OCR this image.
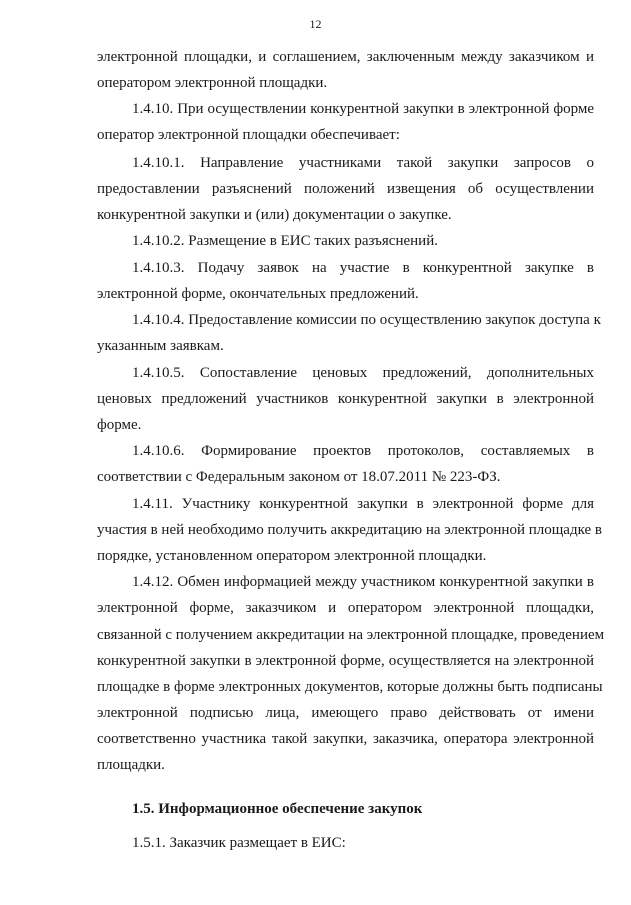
12
электронной площадки, и соглашением, заключенным между заказчиком и
оператором электронной площадки.
1.4.10. При осуществлении конкурентной закупки в электронной форме
оператор электронной площадки обеспечивает:
1.4.10.1. Направление участниками такой закупки запросов о
предоставлении разъяснений положений извещения об осуществлении
конкурентной закупки и (или) документации о закупке.
1.4.10.2. Размещение в ЕИС таких разъяснений.
1.4.10.3. Подачу заявок на участие в конкурентной закупке в
электронной форме, окончательных предложений.
1.4.10.4. Предоставление комиссии по осуществлению закупок доступа к
указанным заявкам.
1.4.10.5. Сопоставление ценовых предложений, дополнительных
ценовых предложений участников конкурентной закупки в электронной
форме.
1.4.10.6. Формирование проектов протоколов, составляемых в
соответствии с Федеральным законом от 18.07.2011 № 223-ФЗ.
1.4.11. Участнику конкурентной закупки в электронной форме для
участия в ней необходимо получить аккредитацию на электронной площадке в
порядке, установленном оператором электронной площадки.
1.4.12. Обмен информацией между участником конкурентной закупки в
электронной форме, заказчиком и оператором электронной площадки,
связанной с получением аккредитации на электронной площадке, проведением
конкурентной закупки в электронной форме, осуществляется на электронной
площадке в форме электронных документов, которые должны быть подписаны
электронной подписью лица, имеющего право действовать от имени
соответственно участника такой закупки, заказчика, оператора электронной
площадки.
1.5. Информационное обеспечение закупок
1.5.1. Заказчик размещает в ЕИС:
